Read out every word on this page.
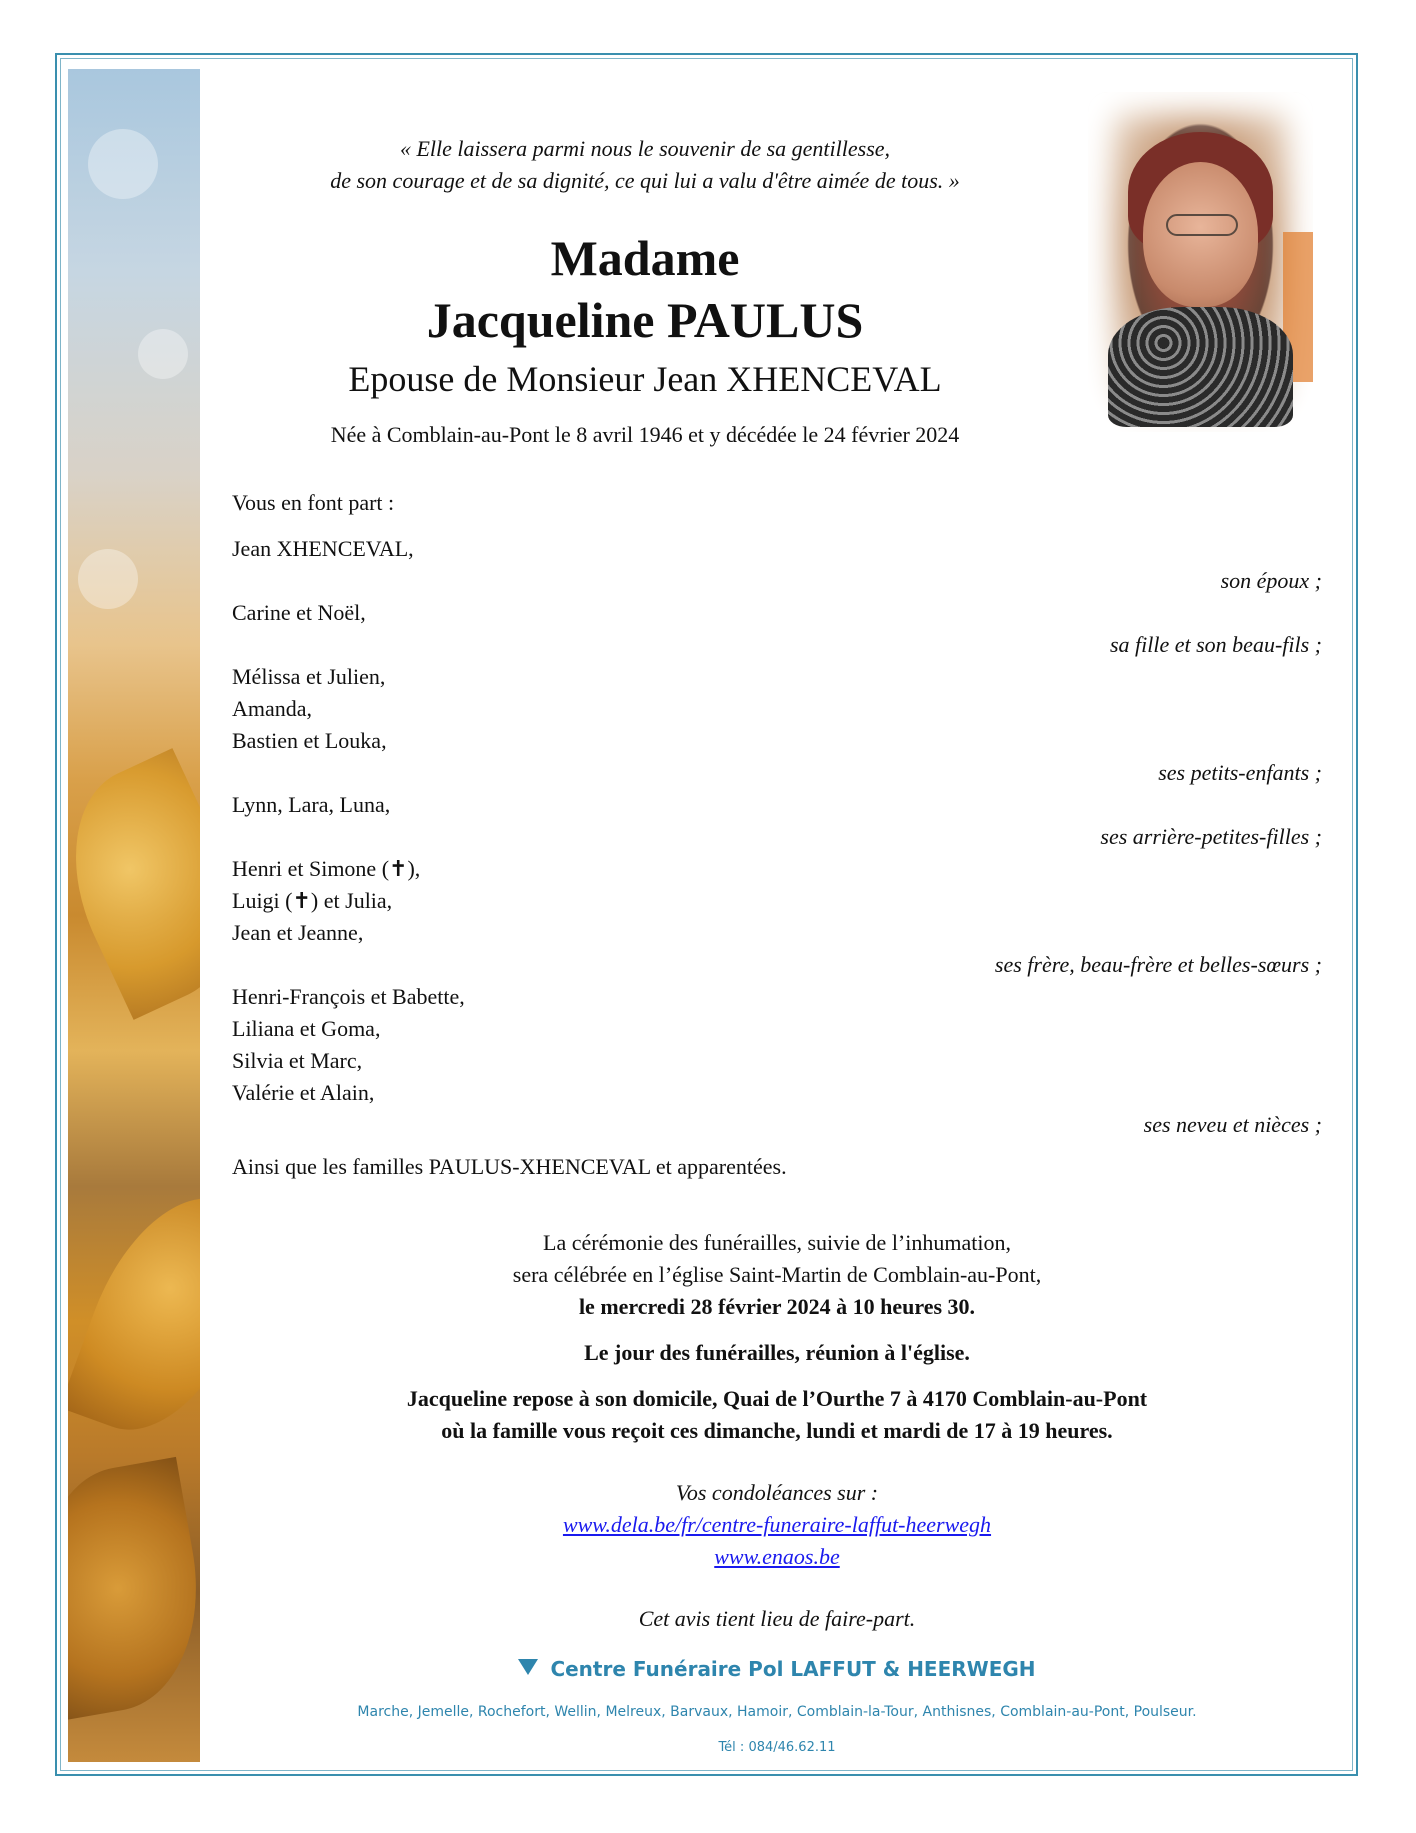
« Elle laissera parmi nous le souvenir de sa gentillesse,
de son courage et de sa dignité, ce qui lui a valu d'être aimée de tous. »
Madame
Jacqueline PAULUS
Epouse de Monsieur Jean XHENCEVAL
Née à Comblain-au-Pont le 8 avril 1946 et y décédée le 24 février 2024
Vous en font part :
Jean XHENCEVAL,
son époux ;
Carine et Noël,
sa fille et son beau-fils ;
Mélissa et Julien,
Amanda,
Bastien et Louka,
ses petits-enfants ;
Lynn, Lara, Luna,
ses arrière-petites-filles ;
Henri et Simone (✝),
Luigi (✝) et Julia,
Jean et Jeanne,
ses frère, beau-frère et belles-sœurs ;
Henri-François et Babette,
Liliana et Goma,
Silvia et Marc,
Valérie et Alain,
ses neveu et nièces ;
Ainsi que les familles PAULUS-XHENCEVAL et apparentées.
La cérémonie des funérailles, suivie de l’inhumation,
sera célébrée en l’église Saint-Martin de Comblain-au-Pont,
le mercredi 28 février 2024 à 10 heures 30.
Le jour des funérailles, réunion à l'église.
Jacqueline repose à son domicile, Quai de l’Ourthe 7 à 4170 Comblain-au-Pont
où la famille vous reçoit ces dimanche, lundi et mardi de 17 à 19 heures.
Vos condoléances sur :
www.dela.be/fr/centre-funeraire-laffut-heerwegh
www.enaos.be
Cet avis tient lieu de faire-part.
Centre Funéraire Pol LAFFUT & HEERWEGH
Marche, Jemelle, Rochefort, Wellin, Melreux, Barvaux, Hamoir, Comblain-la-Tour, Anthisnes, Comblain-au-Pont, Poulseur.
Tél : 084/46.62.11
